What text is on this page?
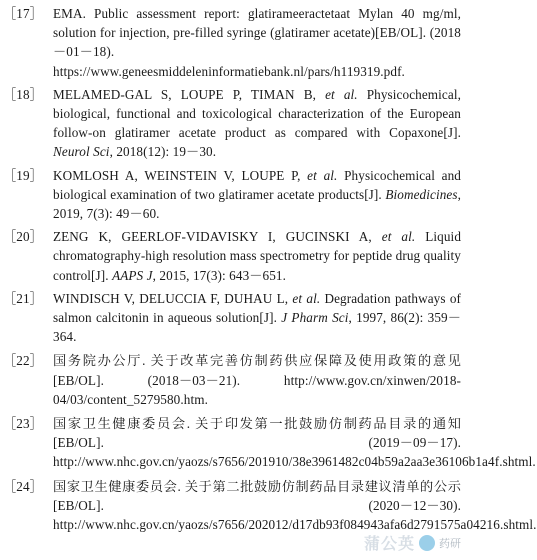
［17］ EMA. Public assessment report: glatirameeractetaat Mylan 40 mg/ml, solution for injection, pre-filled syringe (glatiramer acetate)[EB/OL]. (2018－01－18). https://www.geneesmiddeleninformatiebank.nl/pars/h119319.pdf.
［18］ MELAMED-GAL S, LOUPE P, TIMAN B, et al. Physicochemical, biological, functional and toxicological characterization of the European follow-on glatiramer acetate product as compared with Copaxone[J]. Neurol Sci, 2018(12): 19－30.
［19］ KOMLOSH A, WEINSTEIN V, LOUPE P, et al. Physicochemical and biological examination of two glatiramer acetate products[J]. Biomedicines, 2019, 7(3): 49－60.
［20］ ZENG K, GEERLOF-VIDAVISKY I, GUCINSKI A, et al. Liquid chromatography-high resolution mass spectrometry for peptide drug quality control[J]. AAPS J, 2015, 17(3): 643－651.
［21］ WINDISCH V, DELUCCIA F, DUHAU L, et al. Degradation pathways of salmon calcitonin in aqueous solution[J]. J Pharm Sci, 1997, 86(2): 359－364.
［22］ 国务院办公厅. 关于改革完善仿制药供应保障及使用政策的意见[EB/OL]. (2018－03－21). http://www.gov.cn/xinwen/2018-04/03/content_5279580.htm.
［23］ 国家卫生健康委员会. 关于印发第一批鼓励仿制药品目录的通知[EB/OL]. (2019－09－17). http://www.nhc.gov.cn/yaozs/s7656/201910/38e3961482c04b59a2aa3e36106b1a4f.shtml.
［24］ 国家卫生健康委员会. 关于第二批鼓励仿制药品目录建议清单的公示[EB/OL]. (2020－12－30). http://www.nhc.gov.cn/yaozs/s7656/202012/d17db93f084943afa6d2791575a04216.shtml.
蒲公英 药研
